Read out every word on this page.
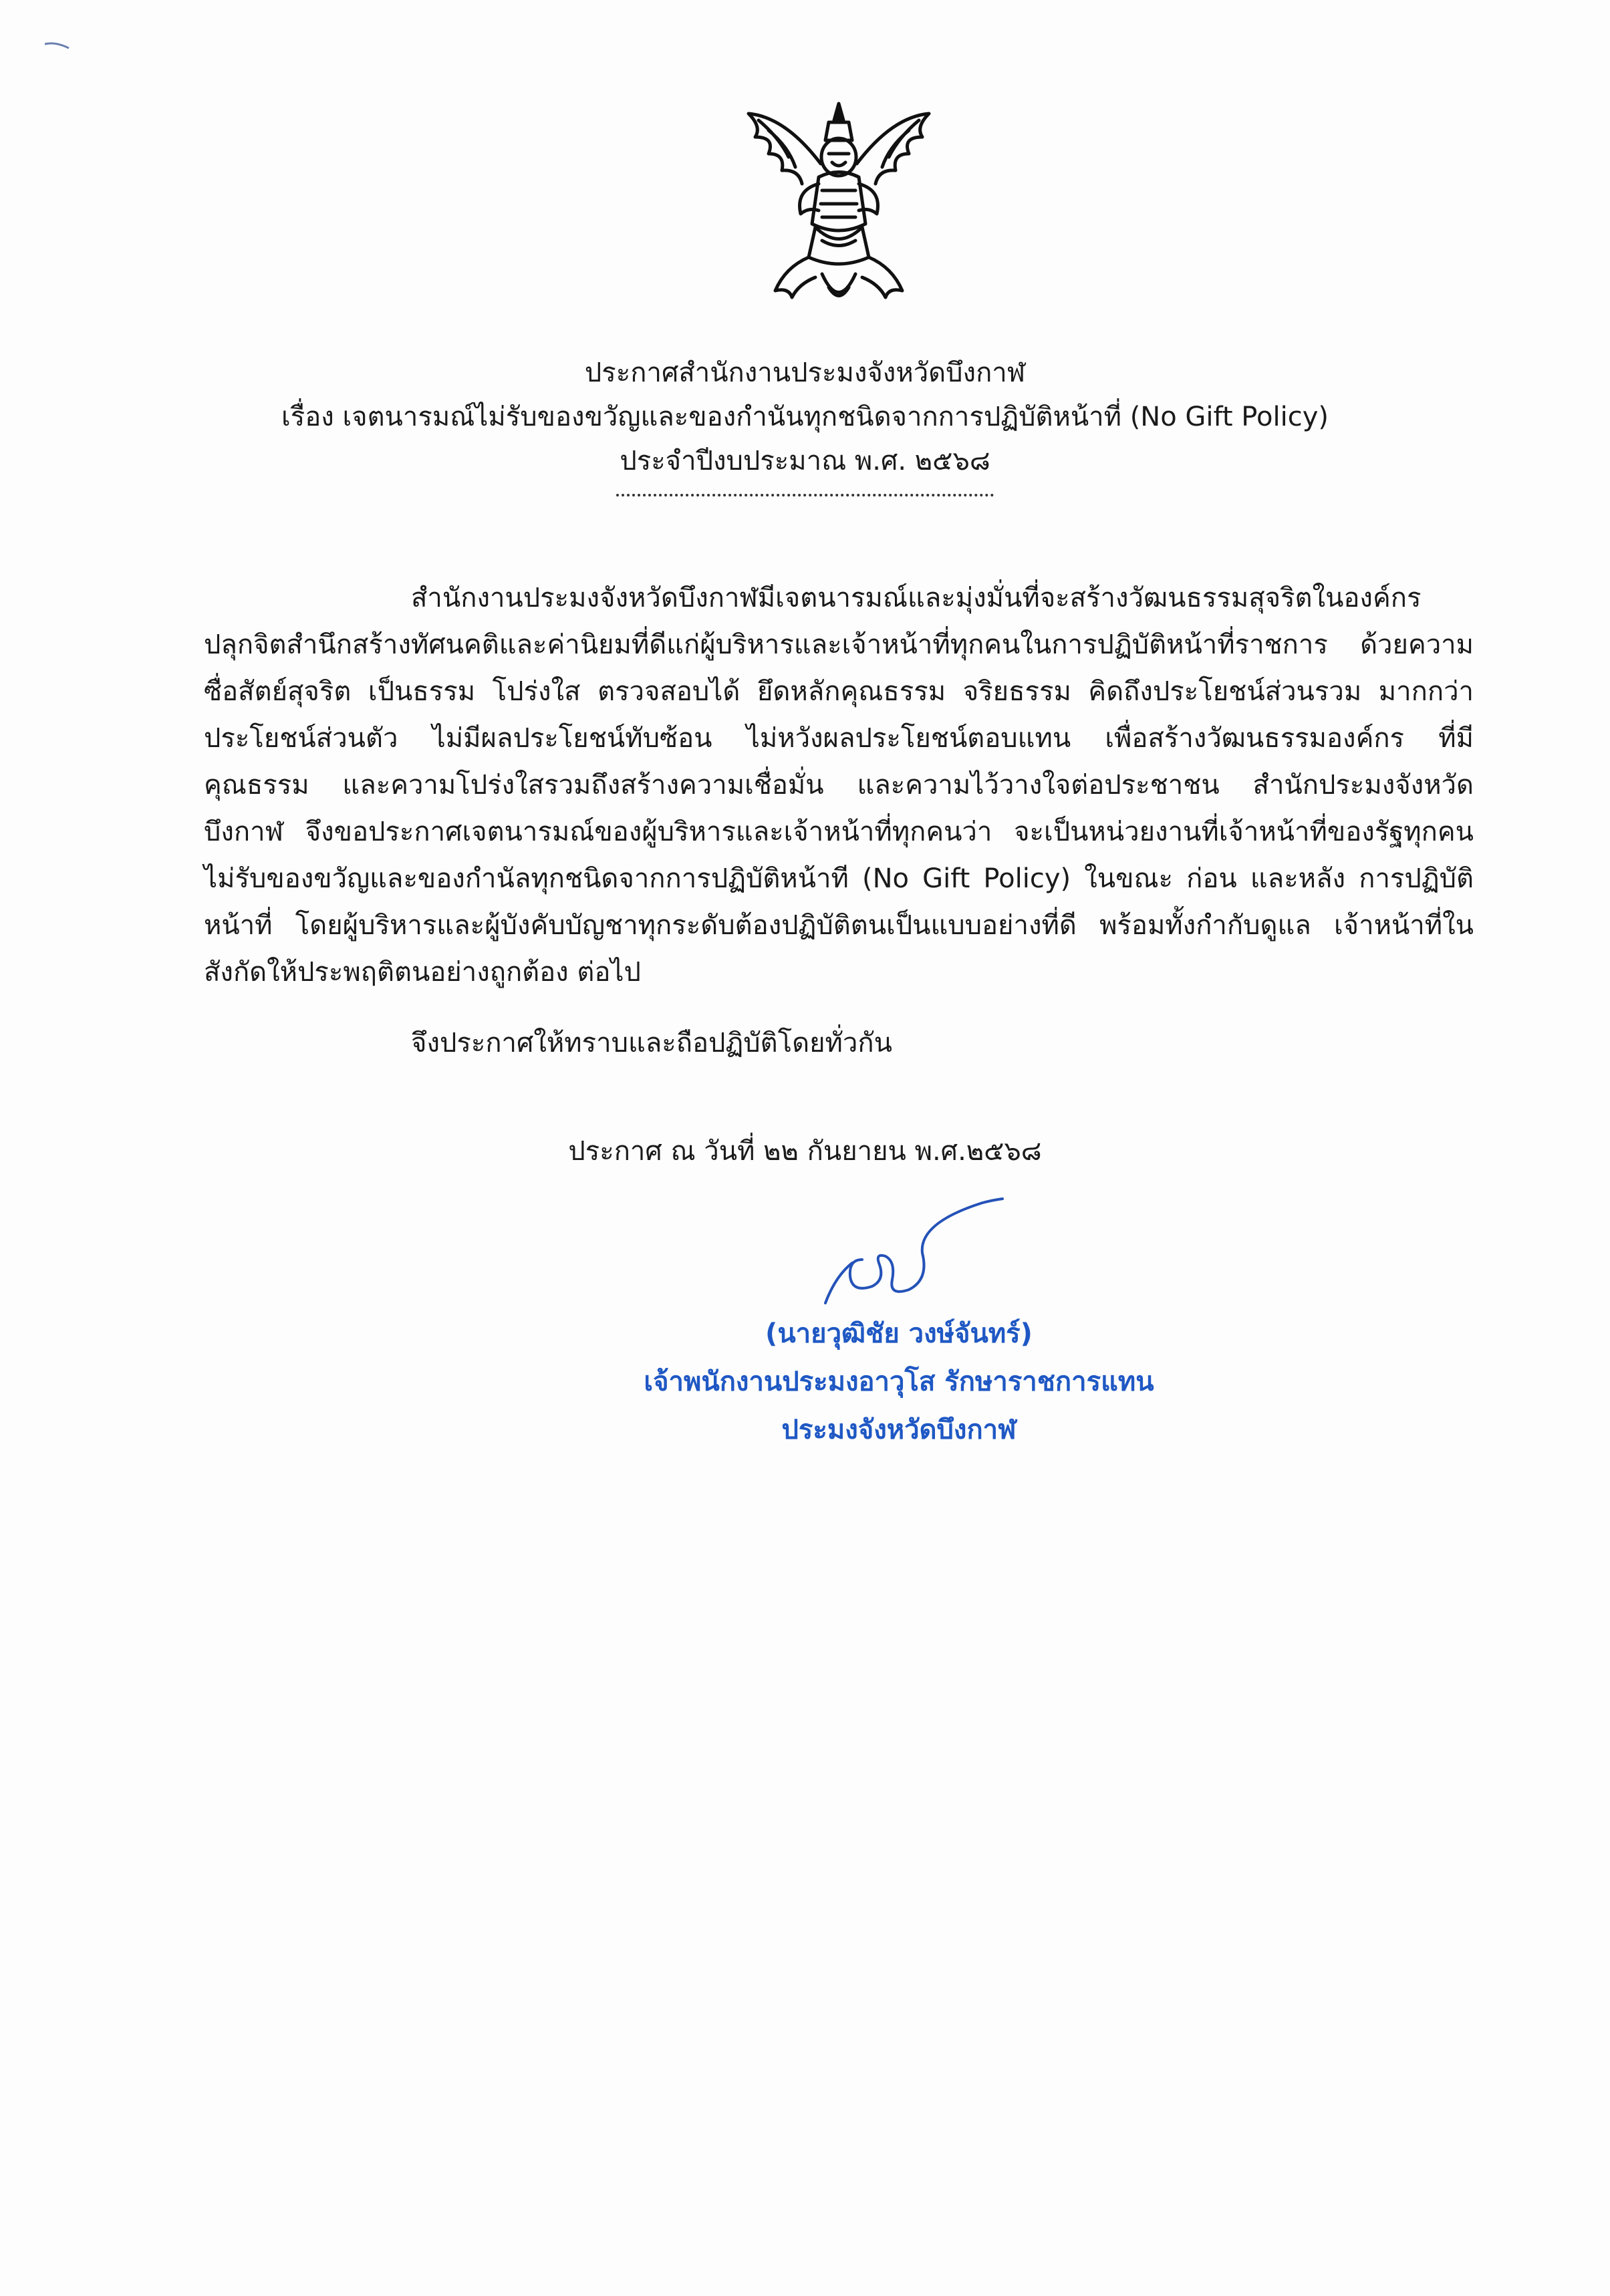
ประกาศสำนักงานประมงจังหวัดบึงกาฬ
เรื่อง เจตนารมณ์ไม่รับของขวัญและของกำนันทุกชนิดจากการปฏิบัติหน้าที่ (No Gift Policy)
ประจำปีงบประมาณ พ.ศ. ๒๕๖๘

สำนักงานประมงจังหวัดบึงกาฬมีเจตนารมณ์และมุ่งมั่นที่จะสร้างวัฒนธรรมสุจริตในองค์กร ปลุกจิตสำนึกสร้างทัศนคติและค่านิยมที่ดีแก่ผู้บริหารและเจ้าหน้าที่ทุกคนในการปฏิบัติหน้าที่ราชการ ด้วยความซื่อสัตย์สุจริต เป็นธรรม โปร่งใส ตรวจสอบได้ ยึดหลักคุณธรรม จริยธรรม คิดถึงประโยชน์ส่วนรวม มากกว่าประโยชน์ส่วนตัว ไม่มีผลประโยชน์ทับซ้อน ไม่หวังผลประโยชน์ตอบแทน เพื่อสร้างวัฒนธรรมองค์กร ที่มีคุณธรรม และความโปร่งใสรวมถึงสร้างความเชื่อมั่น และความไว้วางใจต่อประชาชน สำนักประมงจังหวัดบึงกาฬ จึงขอประกาศเจตนารมณ์ของผู้บริหารและเจ้าหน้าที่ทุกคนว่า จะเป็นหน่วยงานที่เจ้าหน้าที่ของรัฐทุกคน ไม่รับของขวัญและของกำนัลทุกชนิดจากการปฏิบัติหน้าที (No Gift Policy) ในขณะ ก่อน และหลัง การปฏิบัติหน้าที่ โดยผู้บริหารและผู้บังคับบัญชาทุกระดับต้องปฏิบัติตนเป็นแบบอย่างที่ดี พร้อมทั้งกำกับดูแล เจ้าหน้าที่ในสังกัดให้ประพฤติตนอย่างถูกต้อง ต่อไป

จึงประกาศให้ทราบและถือปฏิบัติโดยทั่วกัน

ประกาศ ณ วันที่ ๒๒ กันยายน พ.ศ.๒๕๖๘
(นายวุฒิชัย วงษ์จันทร์)
เจ้าพนักงานประมงอาวุโส รักษาราชการแทน
ประมงจังหวัดบึงกาฬ
